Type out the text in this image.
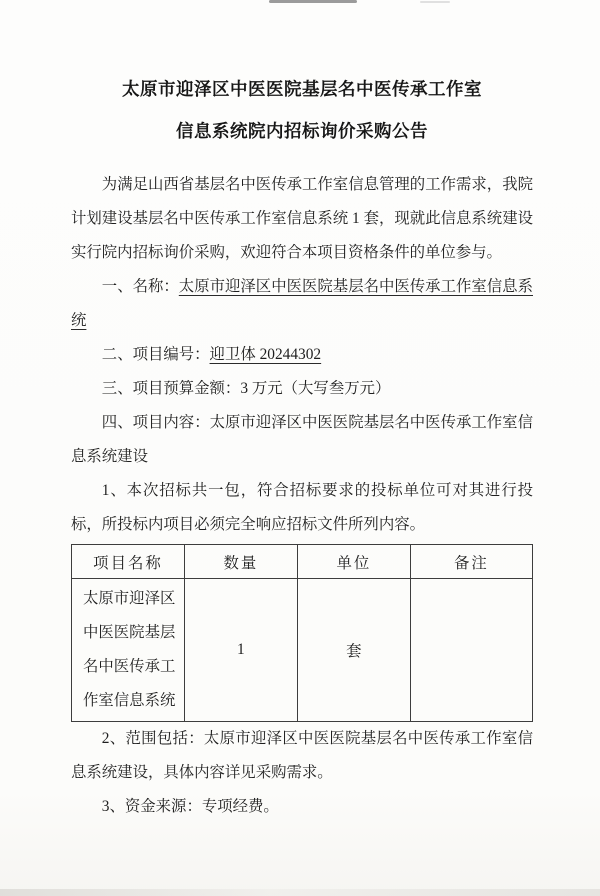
太原市迎泽区中医医院基层名中医传承工作室
信息系统院内招标询价采购公告

为满足山西省基层名中医传承工作室信息管理的工作需求，我院计划建设基层名中医传承工作室信息系统 1 套，现就此信息系统建设实行院内招标询价采购，欢迎符合本项目资格条件的单位参与。

一、名称：太原市迎泽区中医医院基层名中医传承工作室信息系统

二、项目编号：迎卫体 20244302

三、项目预算金额：3 万元（大写叁万元）

四、项目内容：太原市迎泽区中医医院基层名中医传承工作室信息系统建设

1、本次招标共一包，符合招标要求的投标单位可对其进行投标，所投标内项目必须完全响应招标文件所列内容。

项目名称	数量	单位	备注
太原市迎泽区中医医院基层名中医传承工作室信息系统	1	套	

2、范围包括：太原市迎泽区中医医院基层名中医传承工作室信息系统建设，具体内容详见采购需求。

3、资金来源：专项经费。
